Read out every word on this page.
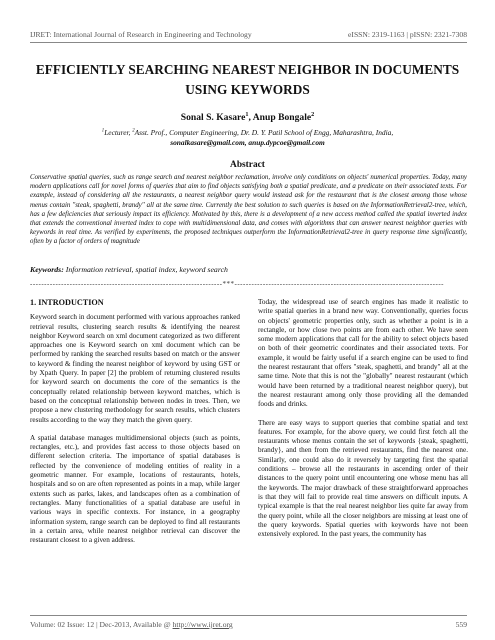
IJRET: International Journal of Research in Engineering and Technology	eISSN: 2319-1163 | pISSN: 2321-7308
EFFICIENTLY SEARCHING NEAREST NEIGHBOR IN DOCUMENTS
USING KEYWORDS
Sonal S. Kasare$^1$, Anup Bongale$^2$
$^1$Lecturer, $^2$Asst. Prof., Computer Engineering, Dr. D. Y. Patil School of Engg, Maharashtra, India,
sonalkasare@gmail.com, anup.dypcoe@gmail.com
Abstract
Conservative spatial queries, such as range search and nearest neighbor reclamation, involve only conditions on objects' numerical properties. Today, many modern applications call for novel forms of queries that aim to find objects satisfying both a spatial predicate, and a predicate on their associated texts. For example, instead of considering all the restaurants, a nearest neighbor query would instead ask for the restaurant that is the closest among those whose menus contain "steak, spaghetti, brandy" all at the same time. Currently the best solution to such queries is based on the InformationRetrieval2-tree, which, has a few deficiencies that seriously impact its efficiency. Motivated by this, there is a development of a new access method called the spatial inverted index that extends the conventional inverted index to cope with multidimensional data, and comes with algorithms that can answer nearest neighbor queries with keywords in real time. As verified by experiments, the proposed techniques outperform the InformationRetrieval2-tree in query response time significantly, often by a factor of orders of magnitude
Keywords: Information retrieval, spatial index, keyword search
--------------------------------------------------------------------***--------------------------------------------------------------------------
1. INTRODUCTION

Keyword search in document performed with various approaches ranked retrieval results, clustering search results & identifying the nearest neighbor Keyword search on xml document categorized as two different approaches one is Keyword search on xml document which can be performed by ranking the searched results based on match or the answer to keyword & finding the nearest neighbor of keyword by using GST or by Xpath Query. In paper [2] the problem of returning clustered results for keyword search on documents the core of the semantics is the conceptually related relationship between keyword matches, which is based on the conceptual relationship between nodes in trees. Then, we propose a new clustering methodology for search results, which clusters results according to the way they match the given query.

A spatial database manages multidimensional objects (such as points, rectangles, etc.), and provides fast access to those objects based on different selection criteria. The importance of spatial databases is reflected by the convenience of modeling entities of reality in a geometric manner. For example, locations of restaurants, hotels, hospitals and so on are often represented as points in a map, while larger extents such as parks, lakes, and landscapes often as a combination of rectangles. Many functionalities of a spatial database are useful in various ways in specific contexts. For instance, in a geography information system, range search can be deployed to find all restaurants in a certain area, while nearest neighbor retrieval can discover the restaurant closest to a given address.

Today, the widespread use of search engines has made it realistic to write spatial queries in a brand new way. Conventionally, queries focus on objects' geometric properties only, such as whether a point is in a rectangle, or how close two points are from each other. We have seen some modern applications that call for the ability to select objects based on both of their geometric coordinates and their associated texts. For example, it would be fairly useful if a search engine can be used to find the nearest restaurant that offers "steak, spaghetti, and brandy" all at the same time. Note that this is not the "globally" nearest restaurant (which would have been returned by a traditional nearest neighbor query), but the nearest restaurant among only those providing all the demanded foods and drinks.

There are easy ways to support queries that combine spatial and text features. For example, for the above query, we could first fetch all the restaurants whose menus contain the set of keywords {steak, spaghetti, brandy}, and then from the retrieved restaurants, find the nearest one. Similarly, one could also do it reversely by targeting first the spatial conditions – browse all the restaurants in ascending order of their distances to the query point until encountering one whose menu has all the keywords. The major drawback of these straightforward approaches is that they will fail to provide real time answers on difficult inputs. A typical example is that the real nearest neighbor lies quite far away from the query point, while all the closer neighbors are missing at least one of the query keywords. Spatial queries with keywords have not been extensively explored. In the past years, the community has

Volume: 02 Issue: 12 | Dec-2013, Available @ http://www.ijret.org	559
